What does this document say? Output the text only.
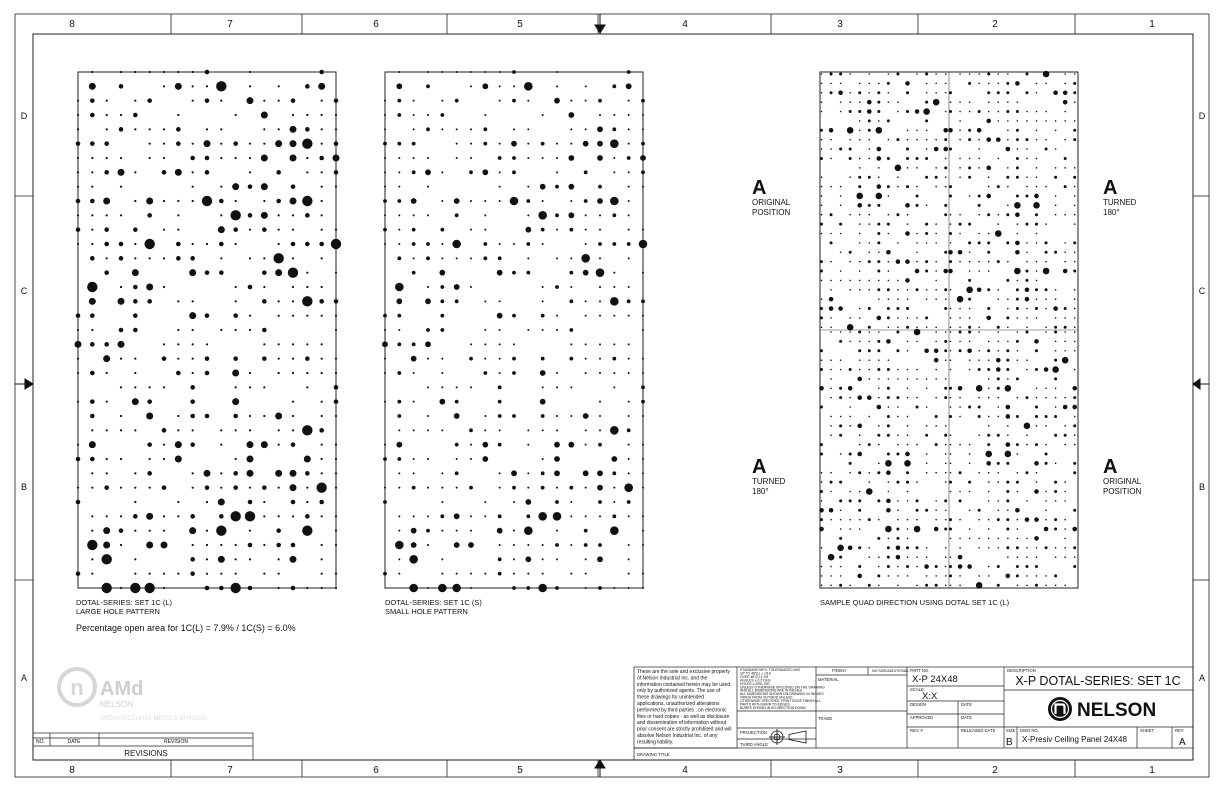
8	7	6	5	4	3	2	1
8	7	6	5	4	3	2	1
D
C
B
A
D
C
B
A
DOTAL-SERIES: SET 1C (L)
LARGE HOLE PATTERN
DOTAL-SERIES: SET 1C (S)
SMALL HOLE PATTERN
SAMPLE QUAD DIRECTION USING DOTAL SET 1C (L)
Percentage open area for 1C(L) = 7.9% / 1C(S) = 6.0%
A
ORIGINAL
POSITION
A
TURNED
180°
A
TURNED
180°
A
ORIGINAL
POSITION
n AMd
NELSON
ARCHITECTURAL METALS DIVISION
NO.	DATE	REVISION
REVISIONS
These are the sole and exclusive property
of Nelson Industrial Inc. and the
information contained herein may be used
only by authorized agents. The use of
these drawings for unintended
applications, unauthorized alterations
performed by third parties : on electronic
files or hard copies - as well as disclosure
and dissemination of information without
prior consent are strictly prohibited and will
absolve Nelson Industrial Inc. of any
resulting liability.
STANDARD MFG. TOLERANCES UNO
UP TO 48"(L) ± 1/16
OVER 48"(L) ± 1/8
ANGLES ± 0.5 DEG
HOLES ±.005/-.000
UNLESS OTHERWISE SPECIFIED ON THE DRAWING
AND ALL DIMENSIONS ARE IN INCHES
ALL DIMENSIONS SHOWN ON DRAWING IN INCHES
TAKEN FROM OUTSIDE UNLESS
OTHERWISE SPECIFIED. PRINT EDGE FINISH ALL
PARTS WITH BURR TO EDGES,
BURRS SHOWN IN IN DIRECTION DOWN
PROJECTION
THIRD ANGLE
DRAWING TITLE
FINISH	NO SIZE/ADDITIONAL
MATERIAL
TRADE
PART NO.
X-P 24X48
SCALE
X:X
DESIGN	DATE
APPROVED	DATE
REV. #	RELEASED DATE
DESCRIPTION
X-P DOTAL-SERIES: SET 1C
NELSON
SIZE
B
DWG NO.
X-Presiv Ceiling Panel 24X48
SHEET	REV
A
